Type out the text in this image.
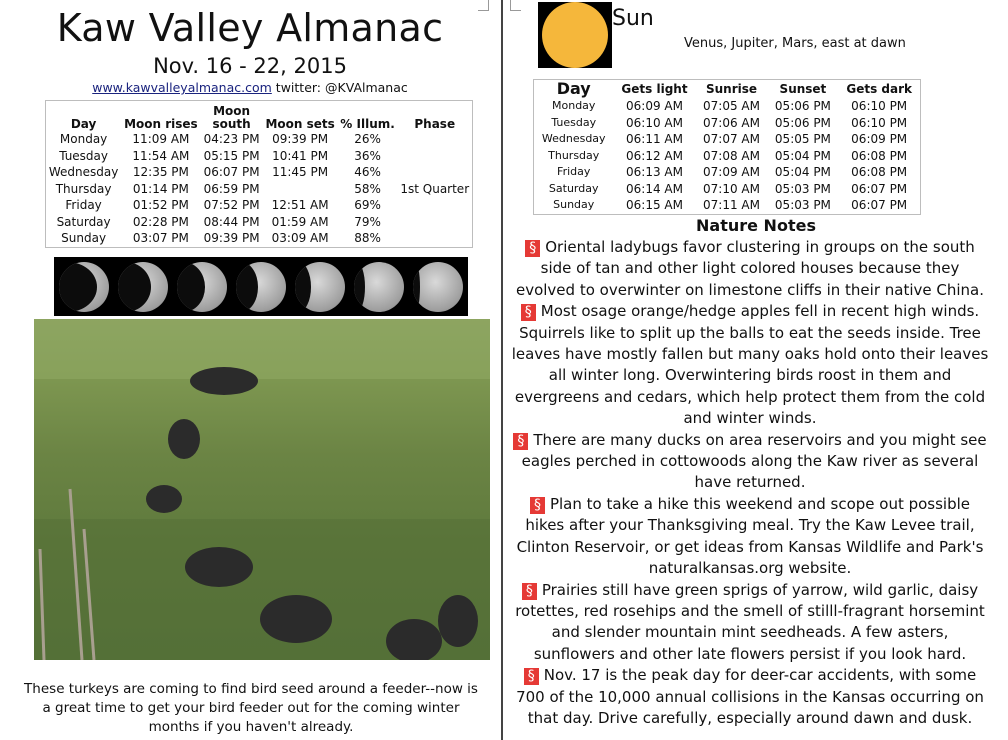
Kaw Valley Almanac
Nov. 16 - 22, 2015
www.kawvalleyalmanac.com twitter: @KVAlmanac
Day	Moon rises	Moon south	Moon sets	% Illum.	Phase
Monday	11:09 AM	04:23 PM	09:39 PM	26%	
Tuesday	11:54 AM	05:15 PM	10:41 PM	36%	
Wednesday	12:35 PM	06:07 PM	11:45 PM	46%	
Thursday	01:14 PM	06:59 PM		58%	1st Quarter
Friday	01:52 PM	07:52 PM	12:51 AM	69%	
Saturday	02:28 PM	08:44 PM	01:59 AM	79%	
Sunday	03:07 PM	09:39 PM	03:09 AM	88%	
These turkeys are coming to find bird seed around a feeder--now is a great time to get your bird feeder out for the coming winter months if you haven't already.
Sun
Venus, Jupiter, Mars, east at dawn
Day	Gets light	Sunrise	Sunset	Gets dark
Monday	06:09 AM	07:05 AM	05:06 PM	06:10 PM
Tuesday	06:10 AM	07:06 AM	05:06 PM	06:10 PM
Wednesday	06:11 AM	07:07 AM	05:05 PM	06:09 PM
Thursday	06:12 AM	07:08 AM	05:04 PM	06:08 PM
Friday	06:13 AM	07:09 AM	05:04 PM	06:08 PM
Saturday	06:14 AM	07:10 AM	05:03 PM	06:07 PM
Sunday	06:15 AM	07:11 AM	05:03 PM	06:07 PM
Nature Notes

§ Oriental ladybugs favor clustering in groups on the south side of tan and other light colored houses because they evolved to overwinter on limestone cliffs in their native China.

§ Most osage orange/hedge apples fell in recent high winds. Squirrels like to split up the balls to eat the seeds inside. Tree leaves have mostly fallen but many oaks hold onto their leaves all winter long. Overwintering birds roost in them and evergreens and cedars, which help protect them from the cold and winter winds.

§ There are many ducks on area reservoirs and you might see eagles perched in cottowoods along the Kaw river as several have returned.

§ Plan to take a hike this weekend and scope out possible hikes after your Thanksgiving meal. Try the Kaw Levee trail, Clinton Reservoir, or get ideas from Kansas Wildlife and Park's naturalkansas.org website.

§ Prairies still have green sprigs of yarrow, wild garlic, daisy rotettes, red rosehips and the smell of stilll-fragrant horsemint and slender mountain mint seedheads. A few asters, sunflowers and other late flowers persist if you look hard.

§ Nov. 17 is the peak day for deer-car accidents, with some 700 of the 10,000 annual collisions in the Kansas occurring on that day. Drive carefully, especially around dawn and dusk.
